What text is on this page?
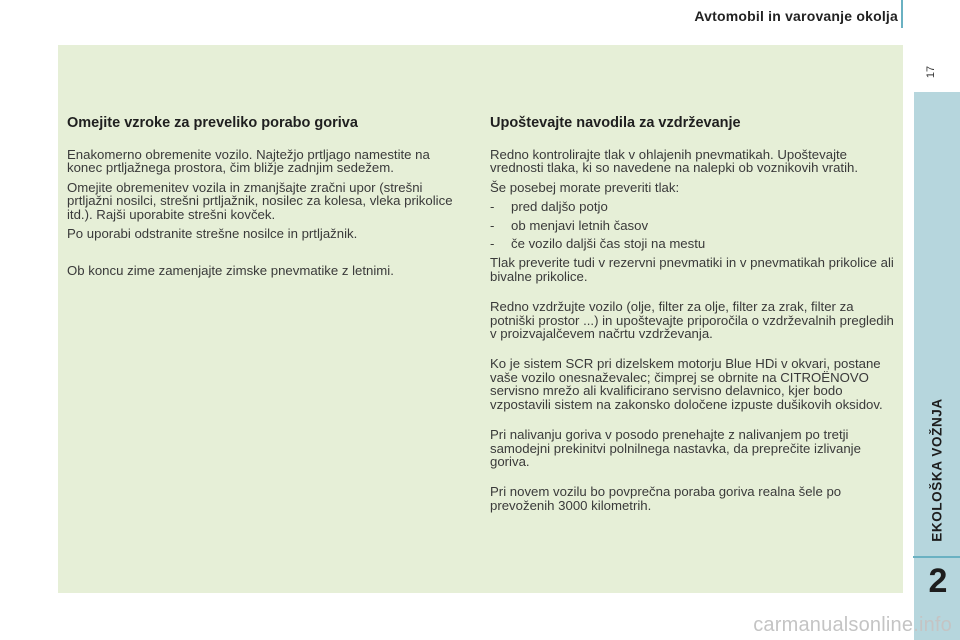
Avtomobil in varovanje okolja
17
EKOLOŠKA VOŽNJA
2
Omejite vzroke za preveliko porabo goriva

Enakomerno obremenite vozilo. Najtežjo prtljago namestite na konec prtljažnega prostora, čim bližje zadnjim sedežem.

Omejite obremenitev vozila in zmanjšajte zračni upor (strešni prtljažni nosilci, strešni prtljažnik, nosilec za kolesa, vleka prikolice itd.). Rajši uporabite strešni kovček.

Po uporabi odstranite strešne nosilce in prtljažnik.

Ob koncu zime zamenjajte zimske pnevmatike z letnimi.

Upoštevajte navodila za vzdrževanje

Redno kontrolirajte tlak v ohlajenih pnevmatikah. Upoštevajte vrednosti tlaka, ki so navedene na nalepki ob voznikovih vratih.

Še posebej morate preveriti tlak:

- pred daljšo potjo
- ob menjavi letnih časov
- če vozilo daljši čas stoji na mestu

Tlak preverite tudi v rezervni pnevmatiki in v pnevmatikah prikolice ali bivalne prikolice.

Redno vzdržujte vozilo (olje, filter za olje, filter za zrak, filter za potniški prostor ...) in upoštevajte priporočila o vzdrževalnih pregledih v proizvajalčevem načrtu vzdrževanja.

Ko je sistem SCR pri dizelskem motorju Blue HDi v okvari, postane vaše vozilo onesnaževalec; čimprej se obrnite na CITROËNOVO servisno mrežo ali kvalificirano servisno delavnico, kjer bodo vzpostavili sistem na zakonsko določene izpuste dušikovih oksidov.

Pri nalivanju goriva v posodo prenehajte z nalivanjem po tretji samodejni prekinitvi polnilnega nastavka, da preprečite izlivanje goriva.

Pri novem vozilu bo povprečna poraba goriva realna šele po prevoženih 3000 kilometrih.

carmanualsonline.info
